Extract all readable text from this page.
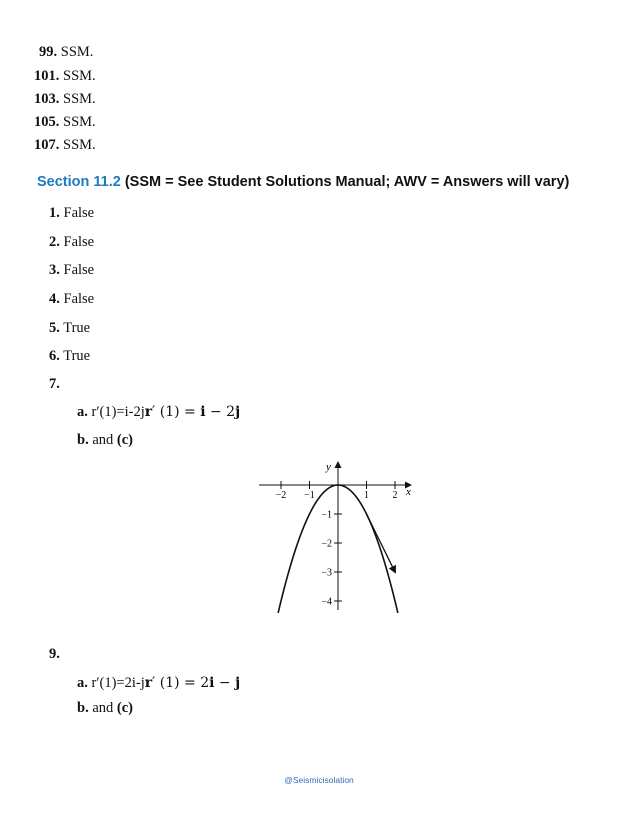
99. SSM.
101. SSM.
103. SSM.
105. SSM.
107. SSM.
Section 11.2 (SSM = See Student Solutions Manual; AWV = Answers will vary)
1. False
2. False
3. False
4. False
5. True
6. True
7.
a. r′(1)=i-2jr′ (1) = i − 2j
b. and (c)
−2 −1	1 2
−1
−2
−3
−4
y
x
9.
a. r′(1)=2i-jr′ (1) = 2i − j
b. and (c)
@Seismicisolation
